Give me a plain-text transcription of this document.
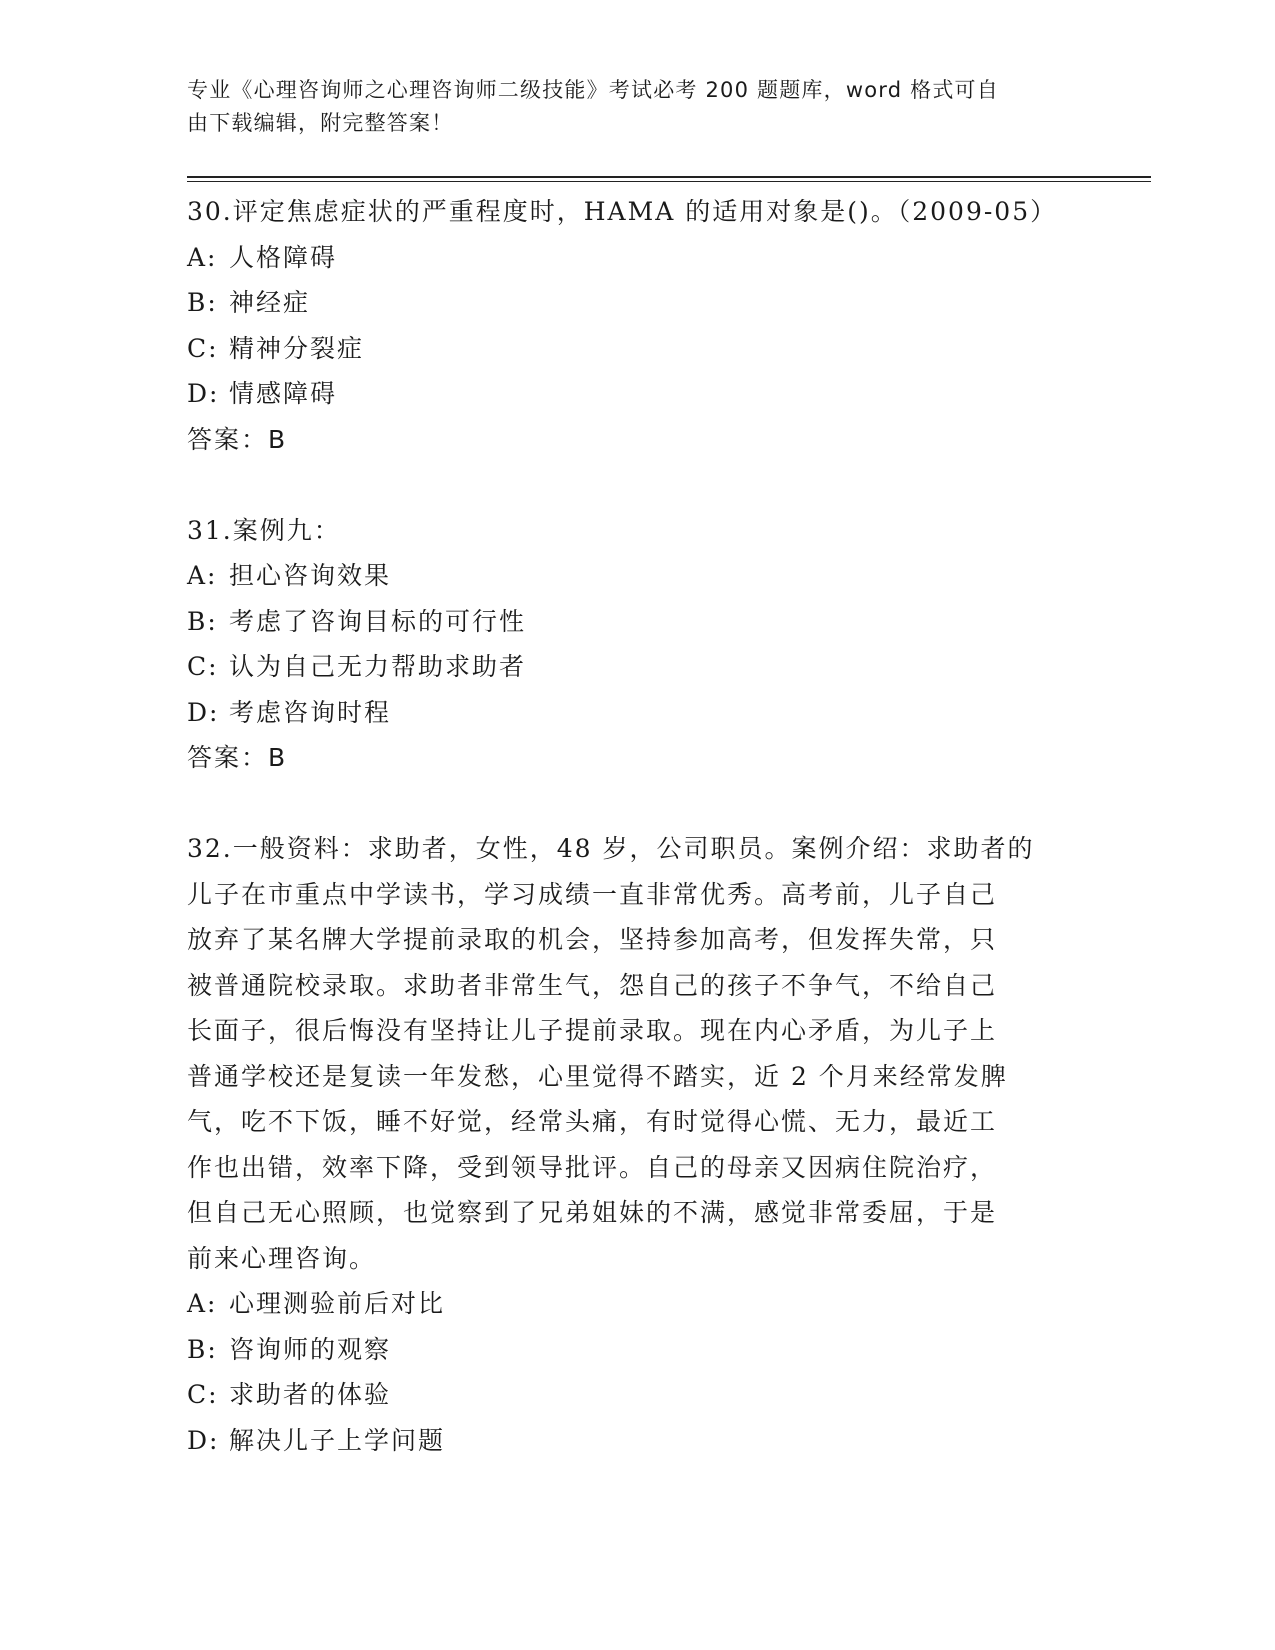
专业《心理咨询师之心理咨询师二级技能》考试必考 200 题题库，word 格式可自
由下载编辑，附完整答案！
30.评定焦虑症状的严重程度时，HAMA 的适用对象是()。（2009-05）
A: 人格障碍
B: 神经症
C: 精神分裂症
D: 情感障碍
答案：B
31.案例九：
A: 担心咨询效果
B: 考虑了咨询目标的可行性
C: 认为自己无力帮助求助者
D: 考虑咨询时程
答案：B
32.一般资料：求助者，女性，48 岁，公司职员。案例介绍：求助者的
儿子在市重点中学读书，学习成绩一直非常优秀。高考前，儿子自己
放弃了某名牌大学提前录取的机会，坚持参加高考，但发挥失常，只
被普通院校录取。求助者非常生气，怨自己的孩子不争气，不给自己
长面子，很后悔没有坚持让儿子提前录取。现在内心矛盾，为儿子上
普通学校还是复读一年发愁，心里觉得不踏实，近 2 个月来经常发脾
气，吃不下饭，睡不好觉，经常头痛，有时觉得心慌、无力，最近工
作也出错，效率下降，受到领导批评。自己的母亲又因病住院治疗，
但自己无心照顾，也觉察到了兄弟姐妹的不满，感觉非常委屈，于是
前来心理咨询。
A: 心理测验前后对比
B: 咨询师的观察
C: 求助者的体验
D: 解决儿子上学问题
